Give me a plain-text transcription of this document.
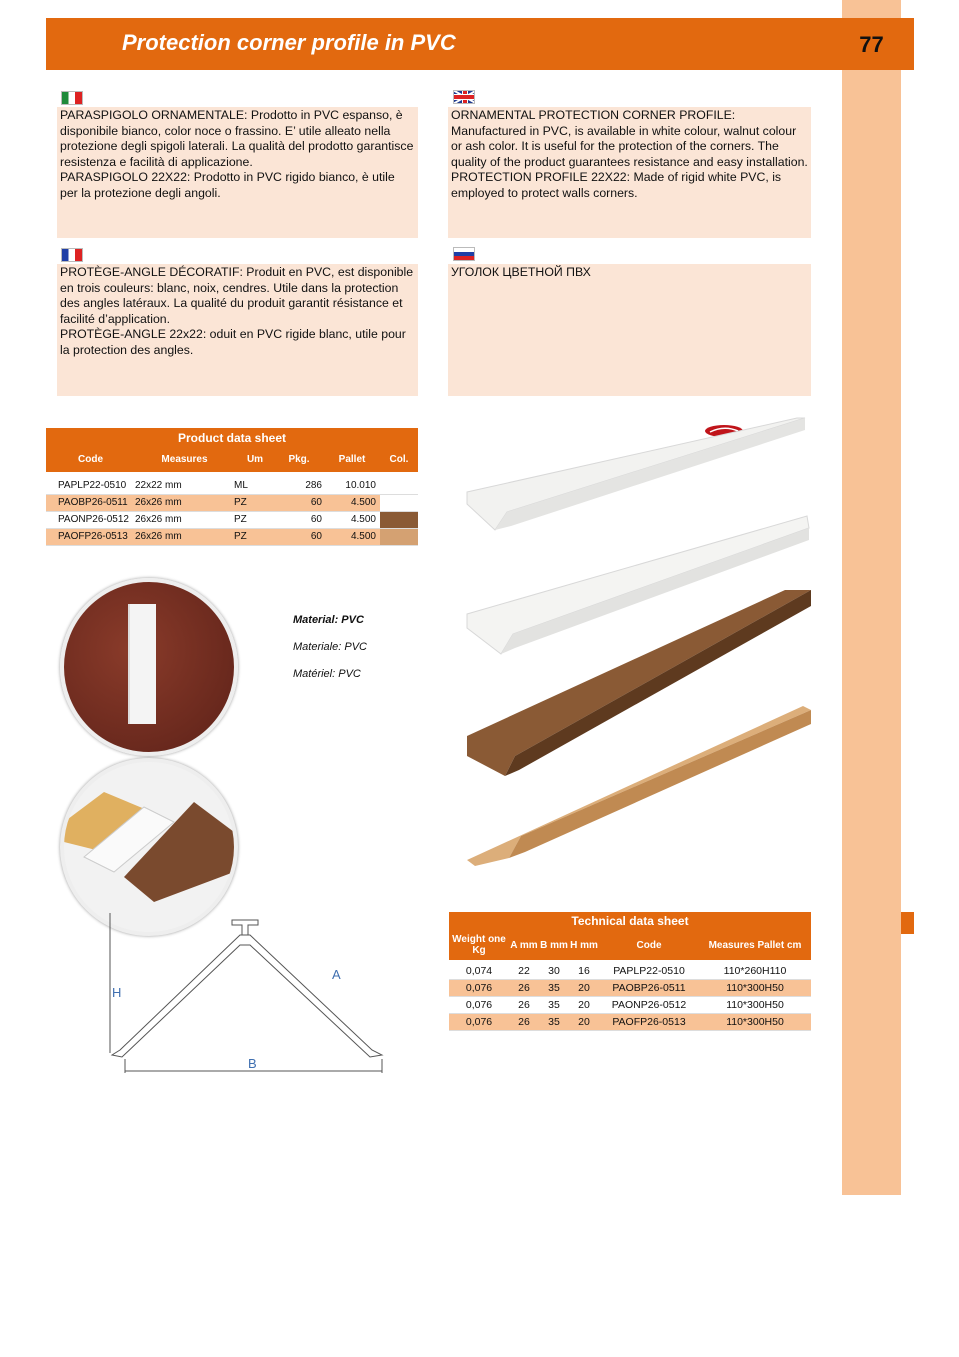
Protection corner profile in PVC	77

PARASPIGOLO ORNAMENTALE: Prodotto in PVC espanso, è disponibile bianco, color noce o frassino. E’ utile alleato nella protezione degli spigoli laterali. La qualità del prodotto garantisce resistenza e facilità di applicazione.

PARASPIGOLO 22X22: Prodotto in PVC rigido bianco, è utile per la protezione degli angoli.

ORNAMENTAL PROTECTION CORNER PROFILE: Manufactured in PVC, is available in white colour, walnut colour or ash color. It is useful for the protection of the corners. The quality of the product guarantees resistance and easy installation.

PROTECTION PROFILE 22X22: Made of rigid white PVC, is employed to protect walls corners.

PROTÈGE-ANGLE DÉCORATIF: Produit en PVC, est disponible en trois couleurs: blanc, noix, cendres. Utile dans la protection des angles latéraux. La qualité du produit garantit résistance et facilité d’application.

PROTÈGE-ANGLE 22x22: oduit en PVC rigide blanc, utile pour la protection des angles.

УГОЛОК ЦВЕТНОЙ ПВХ

Product data sheet
Code	Measures	Um	Pkg.	Pallet	Col.
PAPLP22-0510 22x22 mm	ML	286	10.010
PAOBP26-0511 26x26 mm	PZ	60	4.500
PAONP26-0512 26x26 mm	PZ	60	4.500
PAOFP26-0513 26x26 mm	PZ	60	4.500
Material: PVC
Materiale: PVC
Matériel: PVC
H
A
B
Technical data sheet
Weight one Kg	A mm B mm H mm	Code	Measures Pallet cm
0,074	22	30	16	PAPLP22-0510	110*260H110
0,076	26	35	20	PAOBP26-0511	110*300H50
0,076	26	35	20	PAONP26-0512	110*300H50
0,076	26	35	20	PAOFP26-0513	110*300H50
